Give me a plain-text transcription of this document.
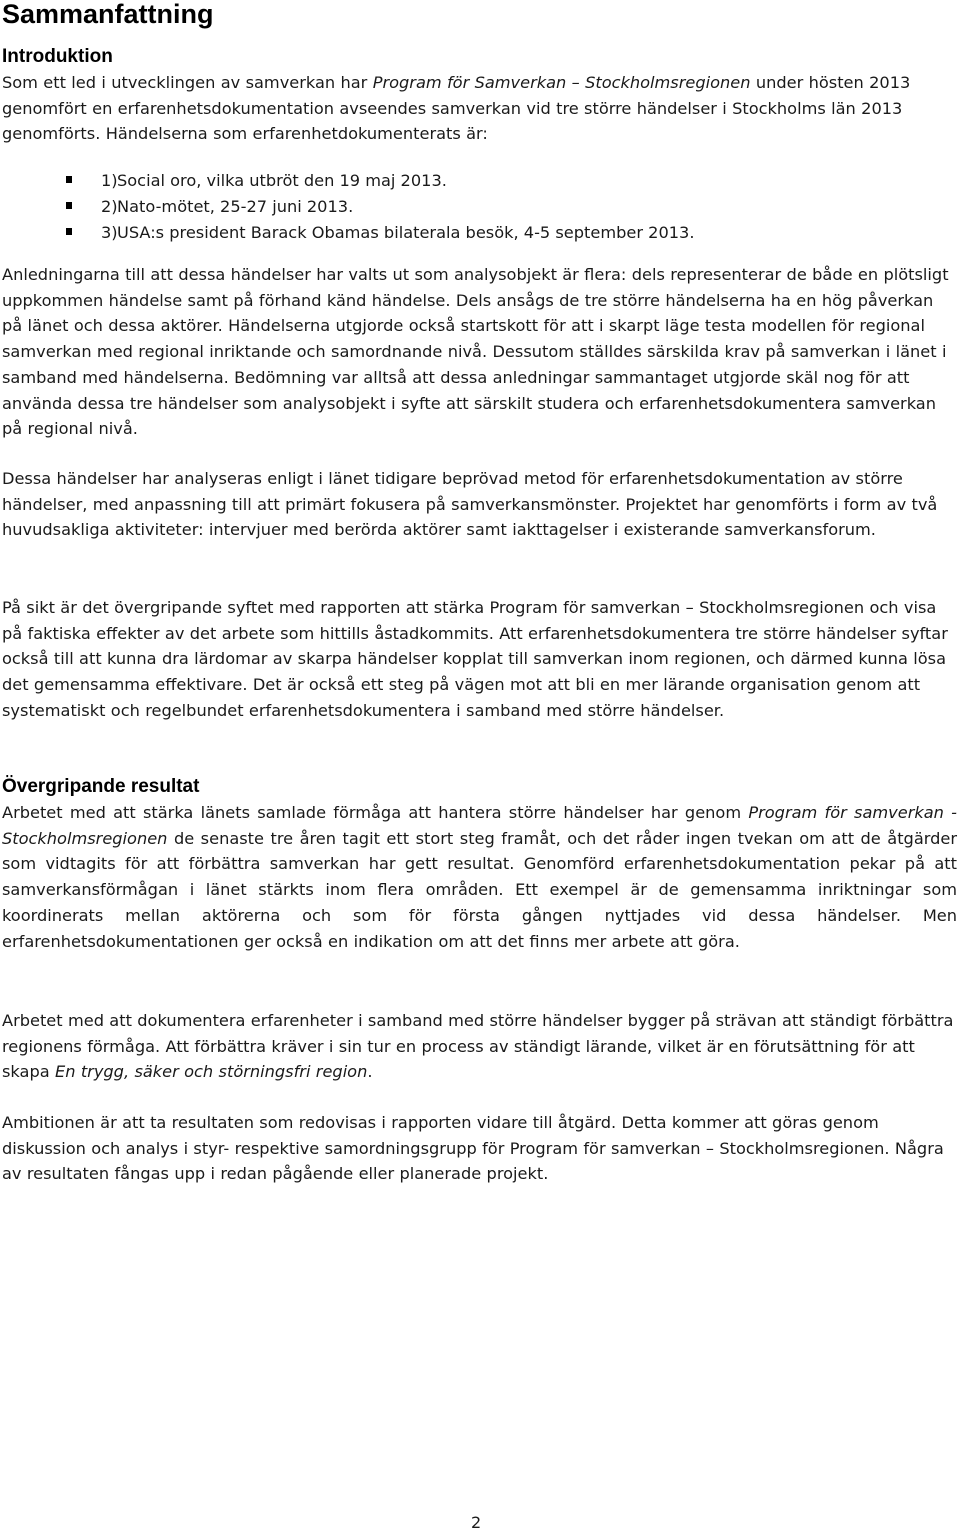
Sammanfattning
Introduktion

Som ett led i utvecklingen av samverkan har Program för Samverkan – Stockholmsregionen under hösten 2013 genomfört en erfarenhetsdokumentation avseendes samverkan vid tre större händelser i Stockholms län 2013 genomförts. Händelserna som erfarenhetdokumenterats är:

1) Social oro, vilka utbröt den 19 maj 2013.
2) Nato-mötet, 25-27 juni 2013.
3) USA:s president Barack Obamas bilaterala besök, 4-5 september 2013.

Anledningarna till att dessa händelser har valts ut som analysobjekt är flera: dels representerar de både en plötsligt uppkommen händelse samt på förhand känd händelse. Dels ansågs de tre större händelserna ha en hög påverkan på länet och dessa aktörer. Händelserna utgjorde också startskott för att i skarpt läge testa modellen för regional samverkan med regional inriktande och samordnande nivå. Dessutom ställdes särskilda krav på samverkan i länet i samband med händelserna. Bedömning var alltså att dessa anledningar sammantaget utgjorde skäl nog för att använda dessa tre händelser som analysobjekt i syfte att särskilt studera och erfarenhetsdokumentera samverkan på regional nivå.

Dessa händelser har analyseras enligt i länet tidigare beprövad metod för erfarenhetsdokumentation av större händelser, med anpassning till att primärt fokusera på samverkansmönster. Projektet har genomförts i form av två huvudsakliga aktiviteter: intervjuer med berörda aktörer samt iakttagelser i existerande samverkansforum.

På sikt är det övergripande syftet med rapporten att stärka Program för samverkan – Stockholmsregionen och visa på faktiska effekter av det arbete som hittills åstadkommits. Att erfarenhetsdokumentera tre större händelser syftar också till att kunna dra lärdomar av skarpa händelser kopplat till samverkan inom regionen, och därmed kunna lösa det gemensamma effektivare. Det är också ett steg på vägen mot att bli en mer lärande organisation genom att systematiskt och regelbundet erfarenhetsdokumentera i samband med större händelser.

Övergripande resultat

Arbetet med att stärka länets samlade förmåga att hantera större händelser har genom Program för samverkan - Stockholmsregionen de senaste tre åren tagit ett stort steg framåt, och det råder ingen tvekan om att de åtgärder som vidtagits för att förbättra samverkan har gett resultat. Genomförd erfarenhetsdokumentation pekar på att samverkansförmågan i länet stärkts inom flera områden. Ett exempel är de gemensamma inriktningar som koordinerats mellan aktörerna och som för första gången nyttjades vid dessa händelser. Men erfarenhetsdokumentationen ger också en indikation om att det finns mer arbete att göra.

Arbetet med att dokumentera erfarenheter i samband med större händelser bygger på strävan att ständigt förbättra regionens förmåga. Att förbättra kräver i sin tur en process av ständigt lärande, vilket är en förutsättning för att skapa En trygg, säker och störningsfri region.

Ambitionen är att ta resultaten som redovisas i rapporten vidare till åtgärd. Detta kommer att göras genom diskussion och analys i styr- respektive samordningsgrupp för Program för samverkan – Stockholmsregionen. Några av resultaten fångas upp i redan pågående eller planerade projekt.

2
